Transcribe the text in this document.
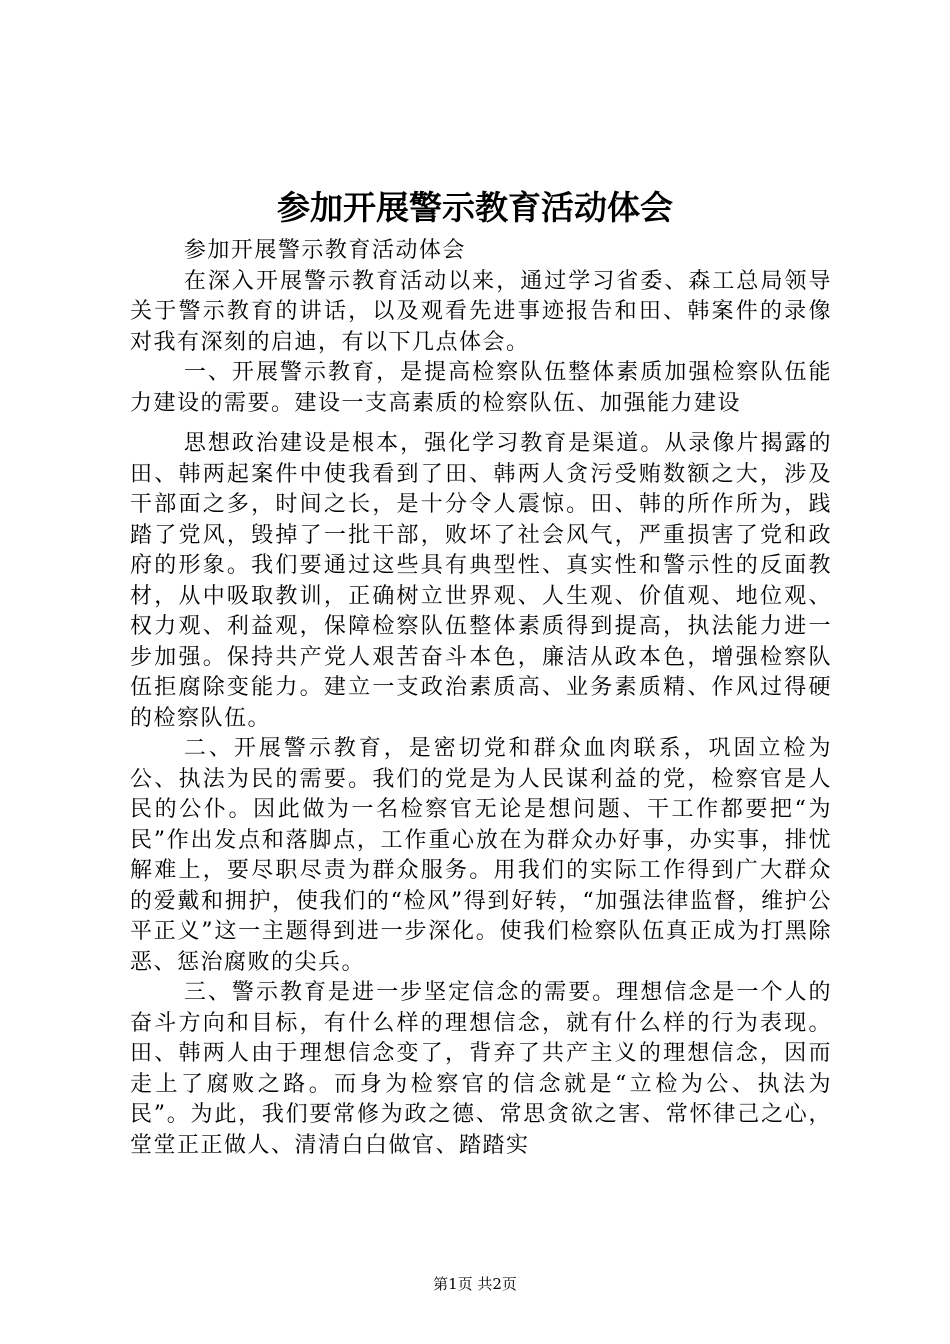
参加开展警示教育活动体会

参加开展警示教育活动体会

在深入开展警示教育活动以来，通过学习省委、森工总局领导关于警示教育的讲话，以及观看先进事迹报告和田、韩案件的录像对我有深刻的启迪，有以下几点体会。

一、开展警示教育，是提高检察队伍整体素质加强检察队伍能力建设的需要。建设一支高素质的检察队伍、加强能力建设

思想政治建设是根本，强化学习教育是渠道。从录像片揭露的田、韩两起案件中使我看到了田、韩两人贪污受贿数额之大，涉及干部面之多，时间之长，是十分令人震惊。田、韩的所作所为，践踏了党风，毁掉了一批干部，败坏了社会风气，严重损害了党和政府的形象。我们要通过这些具有典型性、真实性和警示性的反面教材，从中吸取教训，正确树立世界观、人生观、价值观、地位观、权力观、利益观，保障检察队伍整体素质得到提高，执法能力进一步加强。保持共产党人艰苦奋斗本色，廉洁从政本色，增强检察队伍拒腐除变能力。建立一支政治素质高、业务素质精、作风过得硬的检察队伍。

二、开展警示教育，是密切党和群众血肉联系，巩固立检为公、执法为民的需要。我们的党是为人民谋利益的党，检察官是人民的公仆。因此做为一名检察官无论是想问题、干工作都要把“为民”作出发点和落脚点，工作重心放在为群众办好事，办实事，排忧解难上，要尽职尽责为群众服务。用我们的实际工作得到广大群众的爱戴和拥护，使我们的“检风”得到好转，“加强法律监督，维护公平正义”这一主题得到进一步深化。使我们检察队伍真正成为打黑除恶、惩治腐败的尖兵。

三、警示教育是进一步坚定信念的需要。理想信念是一个人的奋斗方向和目标，有什么样的理想信念，就有什么样的行为表现。田、韩两人由于理想信念变了，背弃了共产主义的理想信念，因而走上了腐败之路。而身为检察官的信念就是“立检为公、执法为民”。为此，我们要常修为政之德、常思贪欲之害、常怀律己之心，堂堂正正做人、清清白白做官、踏踏实

第1页 共2页
